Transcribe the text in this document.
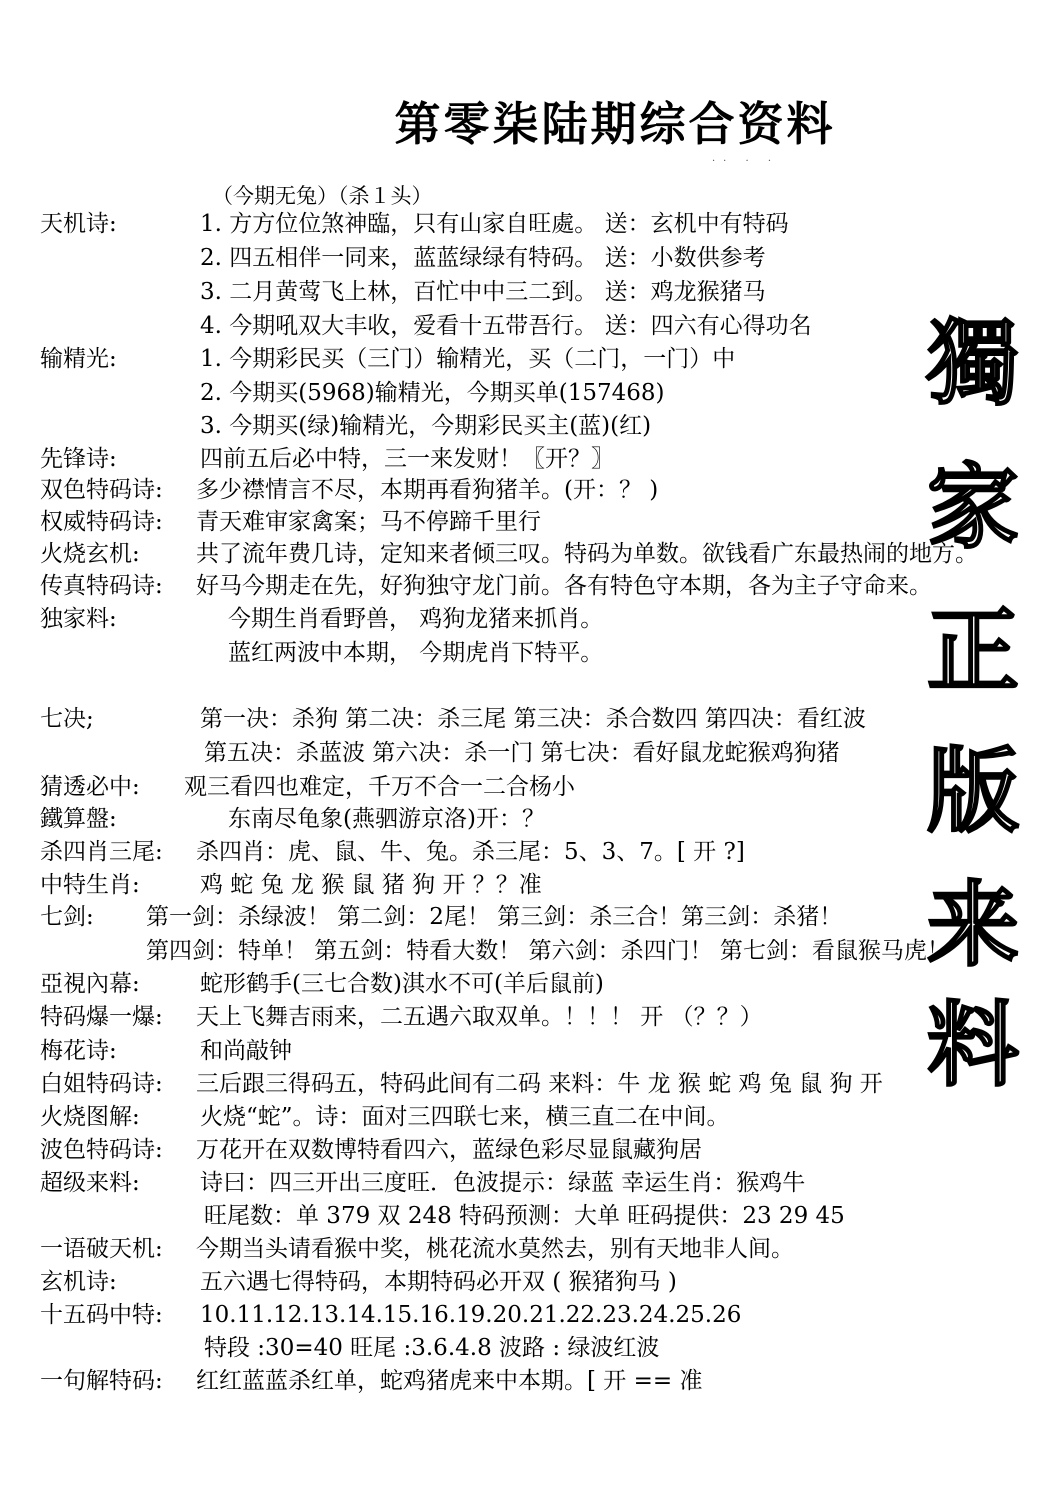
第零柒陆期综合资料
·· · ·
（今期无兔）（杀１头）
天机诗:	1. 方方位位煞神臨，只有山家自旺處。 送：玄机中有特码
2. 四五相伴一同来，蓝蓝绿绿有特码。 送：小数供参考
3. 二月黄莺飞上林，百忙中中三二到。 送：鸡龙猴猪马
4. 今期吼双大丰收，爱看十五带吾行。 送：四六有心得功名
输精光:	1. 今期彩民买（三门）输精光，买（二门，一门）中
2. 今期买(5968)输精光，今期买单(157468)
3. 今期买(绿)输精光，今期彩民买主(蓝)(红)
先锋诗:	四前五后必中特，三一来发财！〖开？〗
双色特码诗: 多少襟情言不尽，本期再看狗猪羊。(开：？ )
权威特码诗: 青天难审家禽案；马不停蹄千里行
火烧玄机: 共了流年费几诗，定知来者倾三叹。特码为单数。欲钱看广东最热闹的地方。
传真特码诗: 好马今期走在先，好狗独守龙门前。各有特色守本期，各为主子守命来。
独家料:	今期生肖看野兽， 鸡狗龙猪来抓肖。
蓝红两波中本期， 今期虎肖下特平。
七决;	第一决：杀狗 第二决：杀三尾 第三决：杀合数四 第四决：看红波
第五决：杀蓝波 第六决：杀一门 第七决：看好鼠龙蛇猴鸡狗猪
猜透必中: 观三看四也难定，千万不合一二合杨小
鐵算盤:	东南尽龟象(燕驷游京洛)开：？
杀四肖三尾: 杀四肖：虎、鼠、牛、兔。杀三尾：5、3、7。[ 开 ?]
中特生肖:	鸡 蛇 兔 龙 猴 鼠 猪 狗 开 ？？准
七剑: 第一剑：杀绿波！ 第二剑：2尾！ 第三剑：杀三合！第三剑：杀猪！
第四剑：特单！ 第五剑：特看大数！ 第六剑：杀四门！ 第七剑：看鼠猴马虎！
亞視內幕:	蛇形鹤手(三七合数)淇水不可(羊后鼠前)
特码爆一爆: 天上飞舞吉雨来，二五遇六取双单。！！！ 开 （？？）
梅花诗:	和尚敲钟
白姐特码诗: 三后跟三得码五，特码此间有二码 来料：牛 龙 猴 蛇 鸡 兔 鼠 狗 开
火烧图解:	火烧“蛇”。诗：面对三四联七来，横三直二在中间。
波色特码诗: 万花开在双数博特看四六，蓝绿色彩尽显鼠藏狗居
超级来料:	诗曰：四三开出三度旺．色波提示：绿蓝 幸运生肖：猴鸡牛
旺尾数：单 379 双 248 特码预测：大单 旺码提供：23 29 45
一语破天机: 今期当头请看猴中奖，桃花流水莫然去，别有天地非人间。
玄机诗:	五六遇七得特码，本期特码必开双 ( 猴猪狗马 )
十五码中特: 10.11.12.13.14.15.16.19.20.21.22.23.24.25.26
特段 :30=40 旺尾 :3.6.4.8 波路 : 绿波红波
一句解特码: 红红蓝蓝杀红单，蛇鸡猪虎来中本期。[ 开 == 准
獨
家
正
版
来
料
